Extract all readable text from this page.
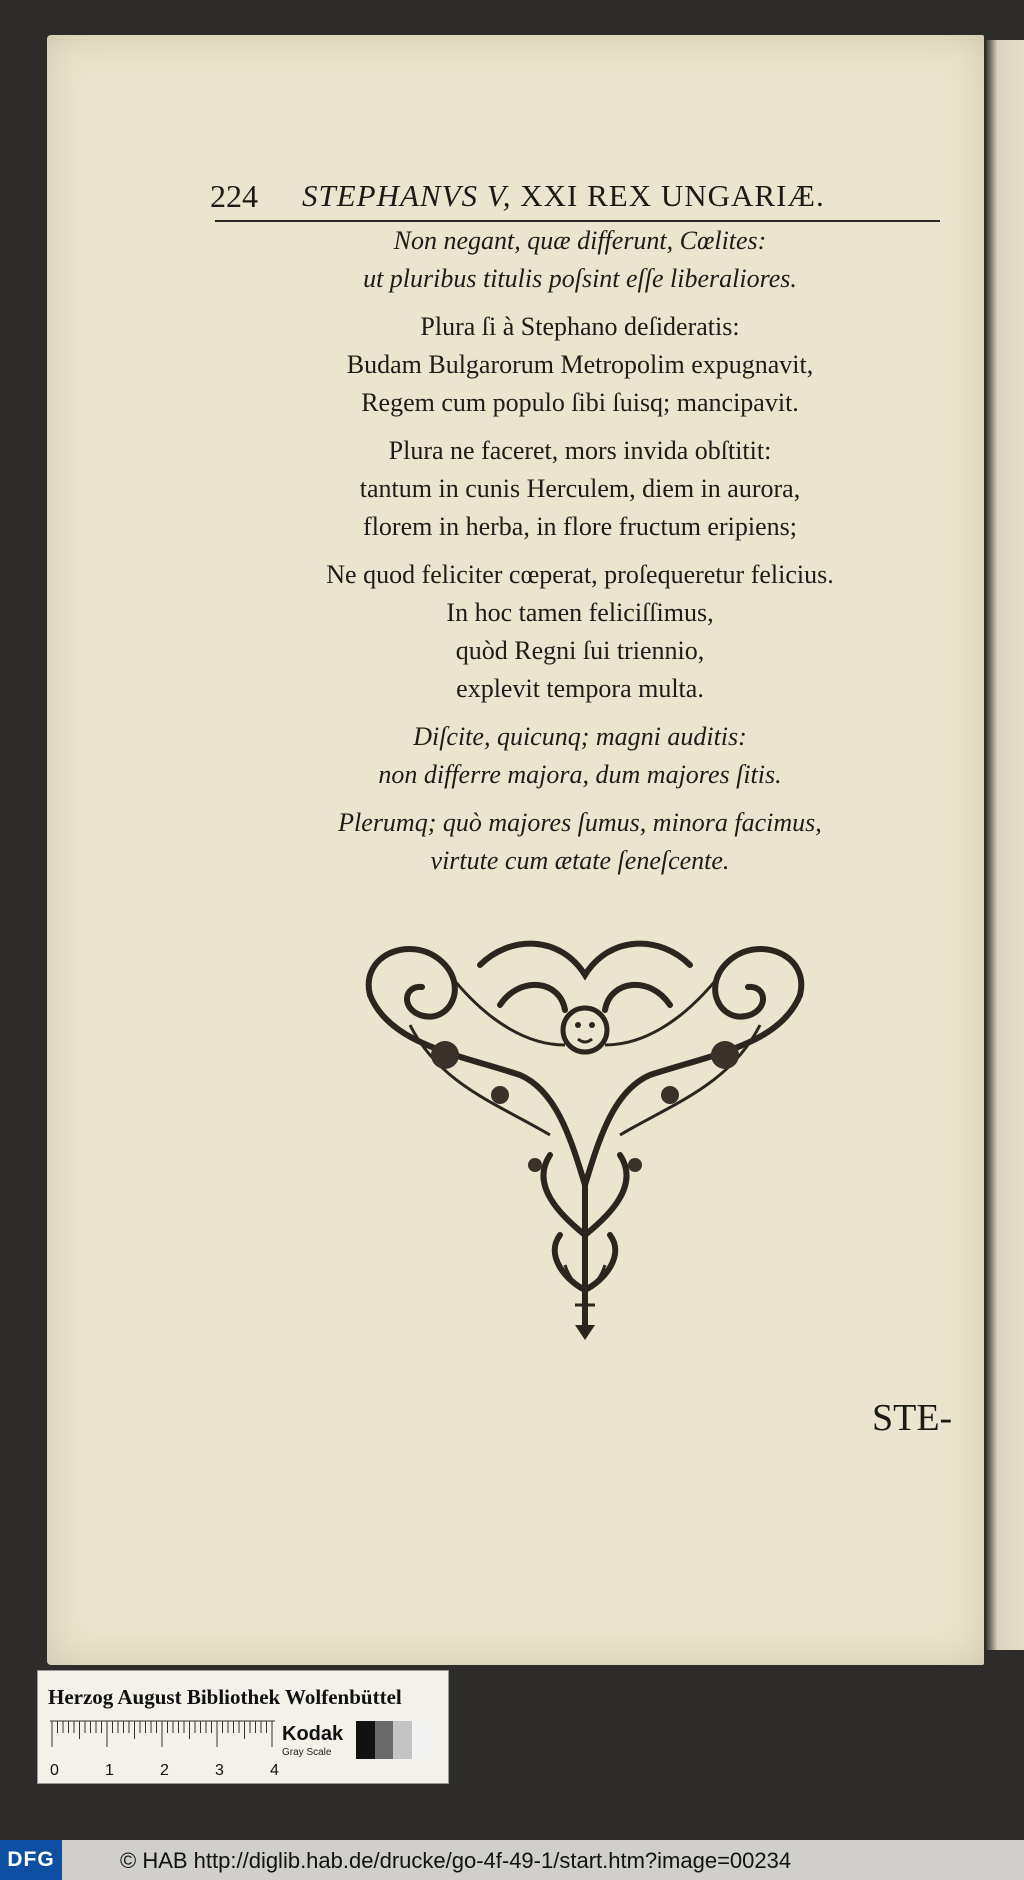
224 STEPHANVS V, XXI REX UNGARIÆ.
Non negant, quæ differunt, Cœlites:
ut pluribus titulis poſsint eſſe liberaliores.
Plura ſi à Stephano deſideratis:
Budam Bulgarorum Metropolim expugnavit,
Regem cum populo ſibi ſuisq; mancipavit.
Plura ne faceret, mors invida obſtitit:
tantum in cunis Herculem, diem in aurora,
florem in herba, in flore fructum eripiens;
Ne quod feliciter cœperat, proſequeretur felicius.
In hoc tamen feliciſſimus,
quòd Regni ſui triennio,
explevit tempora multa.
Diſcite, quicunq; magni auditis:
non differre majora, dum majores ſitis.
Plerumq; quò majores ſumus, minora facimus,
virtute cum ætate ſeneſcente.
STE-
Herzog August Bibliothek Wolfenbüttel
0	1	2	3	4
Kodak
Gray Scale
DFG	© HAB http://diglib.hab.de/drucke/go-4f-49-1/start.htm?image=00234
